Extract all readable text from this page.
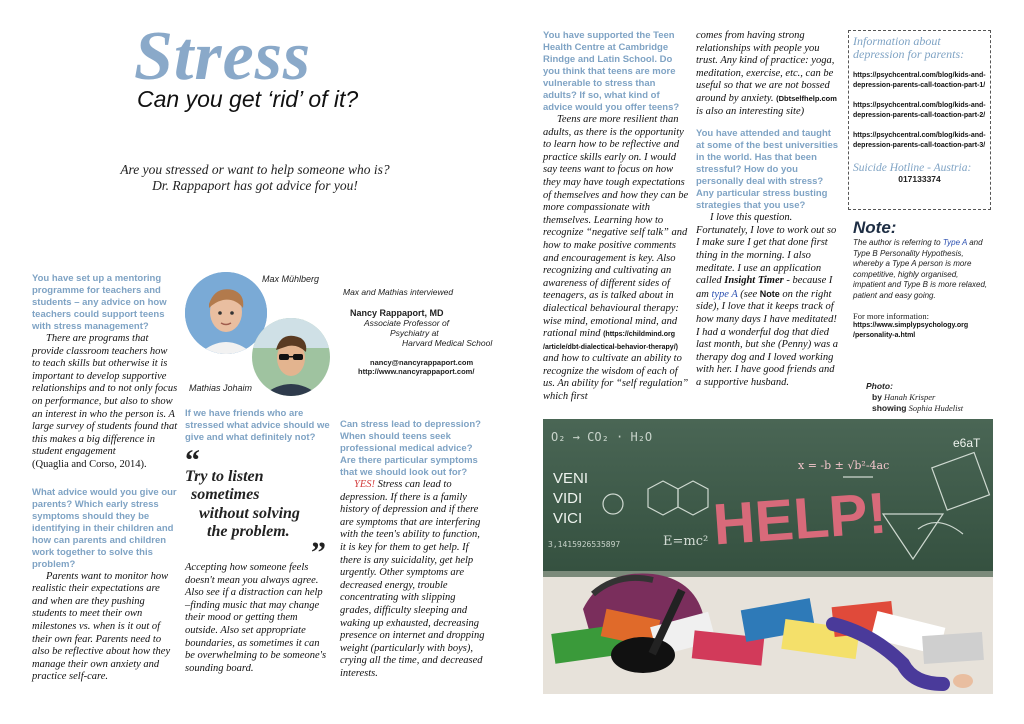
Stress
Can you get ‘rid’ of it?
Are you stressed or want to help someone who is?
Dr. Rappaport has got advice for you!
You have set up a mentoring programme for teachers and students – any advice on how teachers could support teens with stress management?

There are programs that provide classroom teachers how to teach skills but otherwise it is important to develop supportive relationships and to not only focus on performance, but also to show an interest in who the person is. A large survey of students found that this makes a big difference in student engagement

(Quaglia and Corso, 2014).

What advice would you give our parents? Which early stress symptoms should they be identifying in their children and how can parents and children work together to solve this problem?

Parents want to monitor how realistic their expectations are and when are they pushing students to meet their own milestones vs. when is it out of their own fear. Parents need to also be reflective about how they manage their own anxiety and practice self-care.

Max Mühlberg
Mathias Johaim
If we have friends who are stressed what advice should we give and what definitely not?
“
Try to listen
sometimes
without solving
the problem.
”

Accepting how someone feels doesn't mean you always agree. Also see if a distraction can help –finding music that may change their mood or getting them outside. Also set appropriate boundaries, as sometimes it can be overwhelming to be someone's sounding board.

Max and Mathias interviewed
Nancy Rappaport, MD
Associate Professor of
Psychiatry at
Harvard Medical School
nancy@nancyrappaport.com
http://www.nancyrappaport.com/
Can stress lead to depression? When should teens seek professional medical advice? Are there particular symptoms that we should look out for?

YES! Stress can lead to depression. If there is a family history of depression and if there are symptoms that are interfering with the teen's ability to function, it is key for them to get help. If there is any suicidality, get help urgently. Other symptoms are decreased energy, trouble concentrating with slipping grades, difficulty sleeping and waking up exhausted, decreasing presence on internet and dropping weight (particularly with boys), crying all the time, and decreased interests.

You have supported the Teen Health Centre at Cambridge Rindge and Latin School. Do you think that teens are more vulnerable to stress than adults? If so, what kind of advice would you offer teens?

Teens are more resilient than adults, as there is the opportunity to learn how to be reflective and practice skills early on. I would say teens want to focus on how they may have tough expectations of themselves and how they can be more compassionate with themselves. Learning how to recognize “negative self talk” and how to make positive comments and encouragement is key. Also recognizing and cultivating an awareness of different sides of teenagers, as is talked about in dialectical behavioural therapy: wise mind, emotional mind, and rational mind (https://childmind.org /article/dbt-dialectical-behavior-therapy/) and how to cultivate an ability to recognize the wisdom of each of us. An ability for “self regulation” which first

comes from having strong relationships with people you trust. Any kind of practice: yoga, meditation, exercise, etc., can be useful so that we are not bossed around by anxiety. (Dbtselfhelp.com is also an interesting site)

You have attended and taught at some of the best universities in the world. Has that been stressful? How do you personally deal with stress? Any particular stress busting strategies that you use?

I love this question. Fortunately, I love to work out so I make sure I get that done first thing in the morning. I also meditate. I use an application called Insight Timer - because I am type A (see Note on the right side), I love that it keeps track of how many days I have meditated! I had a wonderful dog that died last month, but she (Penny) was a therapy dog and I loved working with her. I have good friends and a supportive husband.

Information about depression for parents:
https://psychcentral.com/blog/kids-and-depression-parents-call-toaction-part-1/
https://psychcentral.com/blog/kids-and-depression-parents-call-toaction-part-2/
https://psychcentral.com/blog/kids-and-depression-parents-call-toaction-part-3/
Suicide Hotline - Austria:
017133374
Note:
The author is referring to Type A and Type B Personality Hypothesis, whereby a Type A person is more competitive, highly organised, impatient and Type B is more relaxed, patient and easy going.
For more information:
https://www.simplypsychology.org /personality-a.html
Photo:
by Hanah Krisper
showing Sophia Hudelist
O₂ → CO₂ · H₂O
VENI
VIDI
VICI
3,1415926535897	E=mc²
x = -b ± √b²-4ac
e6aT
HELP!
